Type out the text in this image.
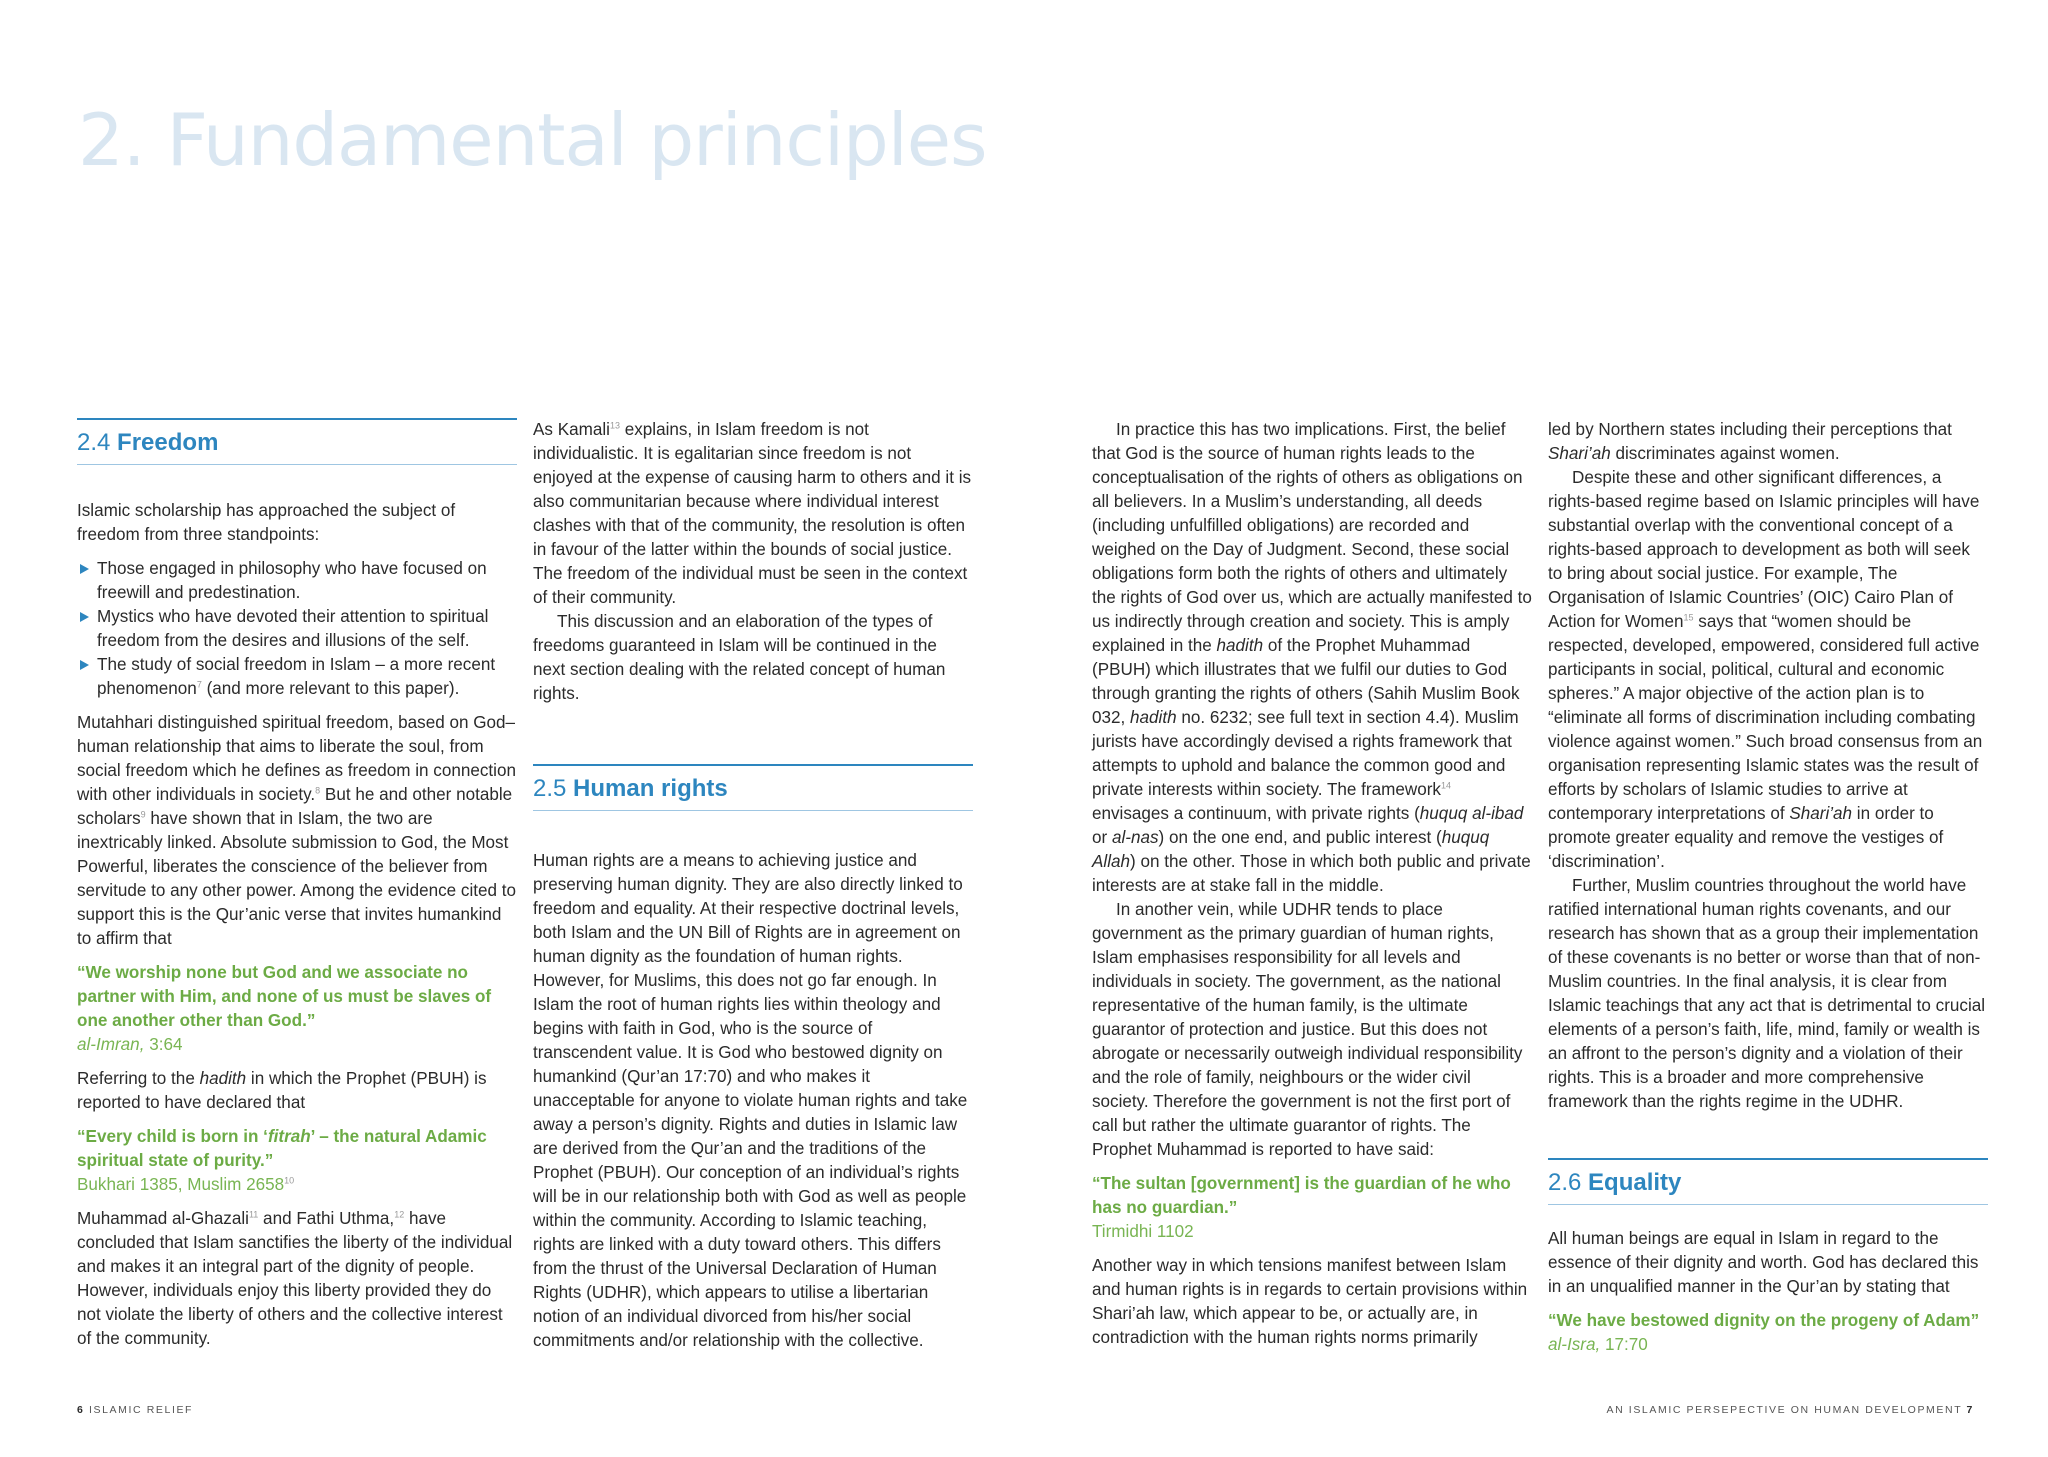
2. Fundamental principles
2.4 Freedom

Islamic scholarship has approached the subject of freedom from three standpoints:

Those engaged in philosophy who have focused on freewill and predestination.
Mystics who have devoted their attention to spiritual freedom from the desires and illusions of the self.
The study of social freedom in Islam – a more recent phenomenon$^7$ (and more relevant to this paper).

Mutahhari distinguished spiritual freedom, based on God–human relationship that aims to liberate the soul, from social freedom which he defines as freedom in connection with other individuals in society.$^8$ But he and other notable scholars$^9$ have shown that in Islam, the two are inextricably linked. Absolute submission to God, the Most Powerful, liberates the conscience of the believer from servitude to any other power. Among the evidence cited to support this is the Qur’anic verse that invites humankind to affirm that

“We worship none but God and we associate no partner with Him, and none of us must be slaves of one another other than God.”

al-Imran, 3:64

Referring to the hadith in which the Prophet (PBUH) is reported to have declared that

“Every child is born in ‘fitrah’ – the natural Adamic spiritual state of purity.”

Bukhari 1385, Muslim 2658$^{10}$

Muhammad al-Ghazali$^{11}$ and Fathi Uthma,$^{12}$ have concluded that Islam sanctifies the liberty of the individual and makes it an integral part of the dignity of people. However, individuals enjoy this liberty provided they do not violate the liberty of others and the collective interest of the community.

As Kamali$^{13}$ explains, in Islam freedom is not individualistic. It is egalitarian since freedom is not enjoyed at the expense of causing harm to others and it is also communitarian because where individual interest clashes with that of the community, the resolution is often in favour of the latter within the bounds of social justice. The freedom of the individual must be seen in the context of their community.

This discussion and an elaboration of the types of freedoms guaranteed in Islam will be continued in the next section dealing with the related concept of human rights.

2.5 Human rights

Human rights are a means to achieving justice and preserving human dignity. They are also directly linked to freedom and equality. At their respective doctrinal levels, both Islam and the UN Bill of Rights are in agreement on human dignity as the foundation of human rights. However, for Muslims, this does not go far enough. In Islam the root of human rights lies within theology and begins with faith in God, who is the source of transcendent value. It is God who bestowed dignity on humankind (Qur’an 17:70) and who makes it unacceptable for anyone to violate human rights and take away a person’s dignity. Rights and duties in Islamic law are derived from the Qur’an and the traditions of the Prophet (PBUH). Our conception of an individual’s rights will be in our relationship both with God as well as people within the community. According to Islamic teaching, rights are linked with a duty toward others. This differs from the thrust of the Universal Declaration of Human Rights (UDHR), which appears to utilise a libertarian notion of an individual divorced from his/her social commitments and/or relationship with the collective.

In practice this has two implications. First, the belief that God is the source of human rights leads to the conceptualisation of the rights of others as obligations on all believers. In a Muslim’s understanding, all deeds (including unfulfilled obligations) are recorded and weighed on the Day of Judgment. Second, these social obligations form both the rights of others and ultimately the rights of God over us, which are actually manifested to us indirectly through creation and society. This is amply explained in the hadith of the Prophet Muhammad (PBUH) which illustrates that we fulfil our duties to God through granting the rights of others (Sahih Muslim Book 032, hadith no. 6232; see full text in section 4.4). Muslim jurists have accordingly devised a rights framework that attempts to uphold and balance the common good and private interests within society. The framework$^{14}$ envisages a continuum, with private rights (huquq al-ibad or al-nas) on the one end, and public interest (huquq Allah) on the other. Those in which both public and private interests are at stake fall in the middle.

In another vein, while UDHR tends to place government as the primary guardian of human rights, Islam emphasises responsibility for all levels and individuals in society. The government, as the national representative of the human family, is the ultimate guarantor of protection and justice. But this does not abrogate or necessarily outweigh individual responsibility and the role of family, neighbours or the wider civil society. Therefore the government is not the first port of call but rather the ultimate guarantor of rights. The Prophet Muhammad is reported to have said:

“The sultan [government] is the guardian of he who has no guardian.”

Tirmidhi 1102

Another way in which tensions manifest between Islam and human rights is in regards to certain provisions within Shari’ah law, which appear to be, or actually are, in contradiction with the human rights norms primarily

led by Northern states including their perceptions that Shari’ah discriminates against women.

Despite these and other significant differences, a rights-based regime based on Islamic principles will have substantial overlap with the conventional concept of a rights-based approach to development as both will seek to bring about social justice. For example, The Organisation of Islamic Countries’ (OIC) Cairo Plan of Action for Women$^{15}$ says that “women should be respected, developed, empowered, considered full active participants in social, political, cultural and economic spheres.” A major objective of the action plan is to “eliminate all forms of discrimination including combating violence against women.” Such broad consensus from an organisation representing Islamic states was the result of efforts by scholars of Islamic studies to arrive at contemporary interpretations of Shari’ah in order to promote greater equality and remove the vestiges of ‘discrimination’.

Further, Muslim countries throughout the world have ratified international human rights covenants, and our research has shown that as a group their implementation of these covenants is no better or worse than that of non-Muslim countries. In the final analysis, it is clear from Islamic teachings that any act that is detrimental to crucial elements of a person’s faith, life, mind, family or wealth is an affront to the person’s dignity and a violation of their rights. This is a broader and more comprehensive framework than the rights regime in the UDHR.

2.6 Equality

All human beings are equal in Islam in regard to the essence of their dignity and worth. God has declared this in an unqualified manner in the Qur’an by stating that

“We have bestowed dignity on the progeny of Adam”

al-Isra, 17:70

6 ISLAMIC RELIEF	AN ISLAMIC PERSEPECTIVE ON HUMAN DEVELOPMENT 7
